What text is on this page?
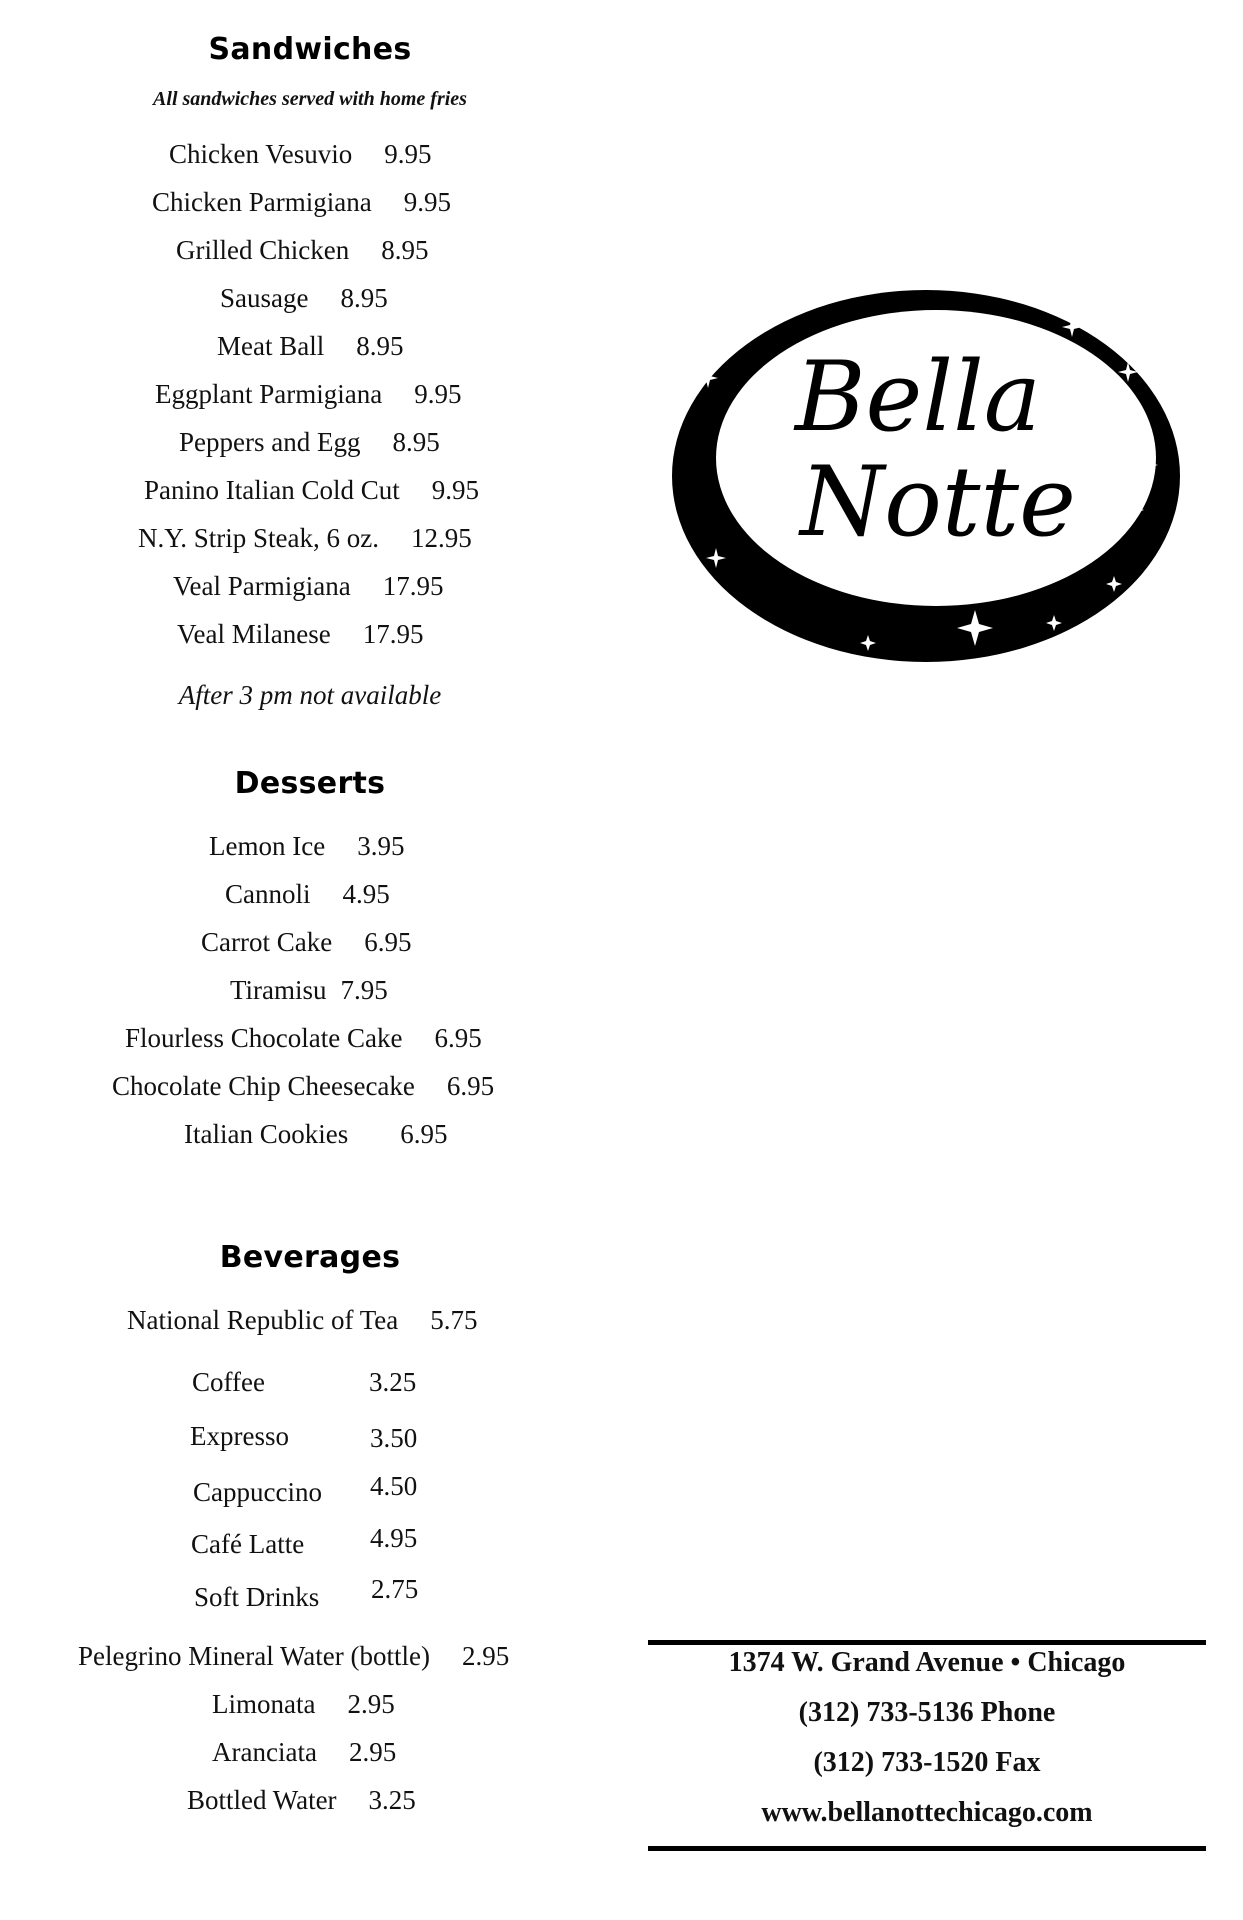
Sandwiches
All sandwiches served with home fries
Chicken Vesuvio 9.95
Chicken Parmigiana 9.95
Grilled Chicken 8.95
Sausage 8.95
Meat Ball 8.95
Eggplant Parmigiana 9.95
Peppers and Egg 8.95
Panino Italian Cold Cut 9.95
N.Y. Strip Steak, 6 oz. 12.95
Veal Parmigiana 17.95
Veal Milanese 17.95
After 3 pm not available
Desserts
Lemon Ice 3.95
Cannoli 4.95
Carrot Cake 6.95
Tiramisu 7.95
Flourless Chocolate Cake 6.95
Chocolate Chip Cheesecake 6.95
Italian Cookies 6.95
Beverages
National Republic of Tea 5.75
Coffee	3.25
Expresso	3.50
Cappuccino 4.50
Café Latte 4.95
Soft Drinks 2.75
Pelegrino Mineral Water (bottle) 2.95
Limonata 2.95
Aranciata 2.95
Bottled Water 3.25
Bella
Notte
1374 W. Grand Avenue • Chicago
(312) 733-5136 Phone
(312) 733-1520 Fax
www.bellanottechicago.com
